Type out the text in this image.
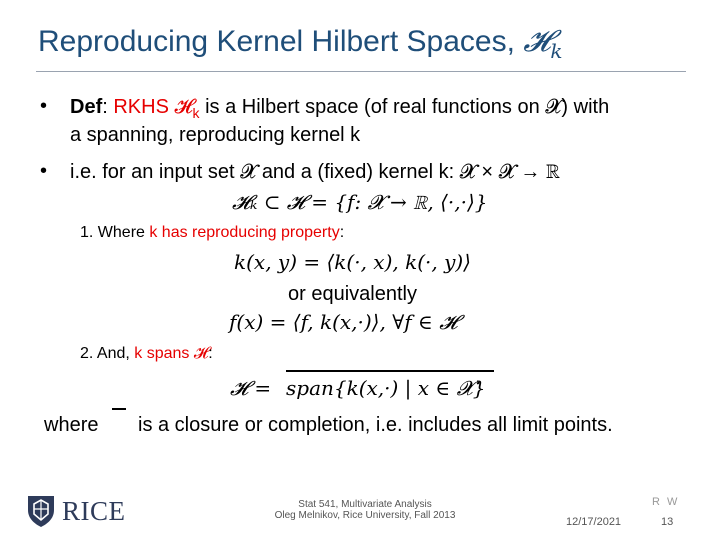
Reproducing Kernel Hilbert Spaces, 𝓗$_k$
• Def: RKHS 𝓗$_k$ is a Hilbert space (of real functions on 𝓧) with
a spanning, reproducing kernel k
• i.e. for an input set 𝓧 and a (fixed) kernel k: 𝓧 × 𝓧 → ℝ
𝓗ₖ ⊂ 𝓗 = {f: 𝓧 → ℝ, ⟨·,·⟩}
1. Where k has reproducing property:
k(x, y) = ⟨k(·, x), k(·, y)⟩
or equivalently
f(x) = ⟨f, k(x,·)⟩, ∀f ∈ 𝓗
2. And, k spans 𝓗:
𝓗 = span{k(x,·) | x ∈ 𝓧}
where is a closure or completion, i.e. includes all limit points.
RICE	Stat 541, Multivariate Analysis
Oleg Melnikov, Rice University, Fall 2013
12/17/2021
R W
13
